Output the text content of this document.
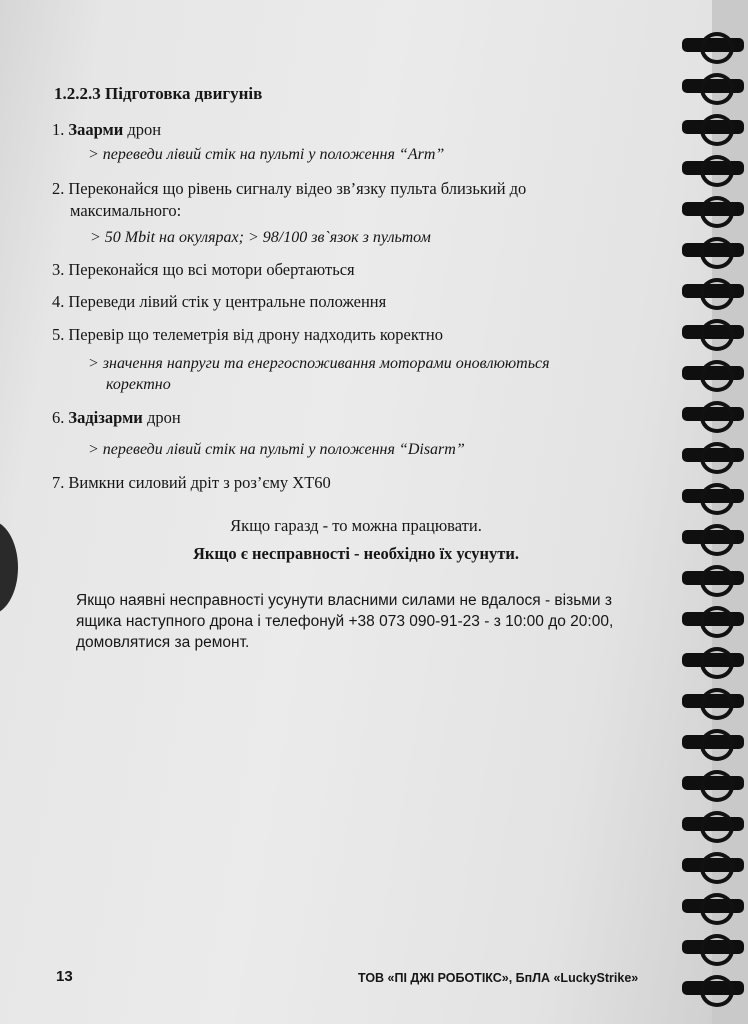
1.2.2.3 Підготовка двигунів
1. Заарми дрон
> переведи лівий стік на пульті у положення “Arm”
2. Переконайся що рівень сигналу відео зв’язку пульта близький до
максимального:
> 50 Mbit на окулярах; > 98/100 зв`язок з пультом
3. Переконайся що всі мотори обертаються
4. Переведи лівий стік у центральне положення
5. Перевір що телеметрія від дрону надходить коректно
> значення напруги та енергоспоживання моторами оновлюються
коректно
6. Задізарми дрон
> переведи лівий стік на пульті у положення “Disarm”
7. Вимкни силовий дріт з роз’єму XT60
Якщо гаразд - то можна працювати.
Якщо є несправності - необхідно їх усунути.
Якщо наявні несправності усунути власними силами не вдалося - візьми з ящика наступного дрона і телефонуй +38 073 090-91-23 - з 10:00 до 20:00, домовлятися за ремонт.
13	ТОВ «ПІ ДЖІ РОБОТІКС», БпЛА «LuckyStrike»
